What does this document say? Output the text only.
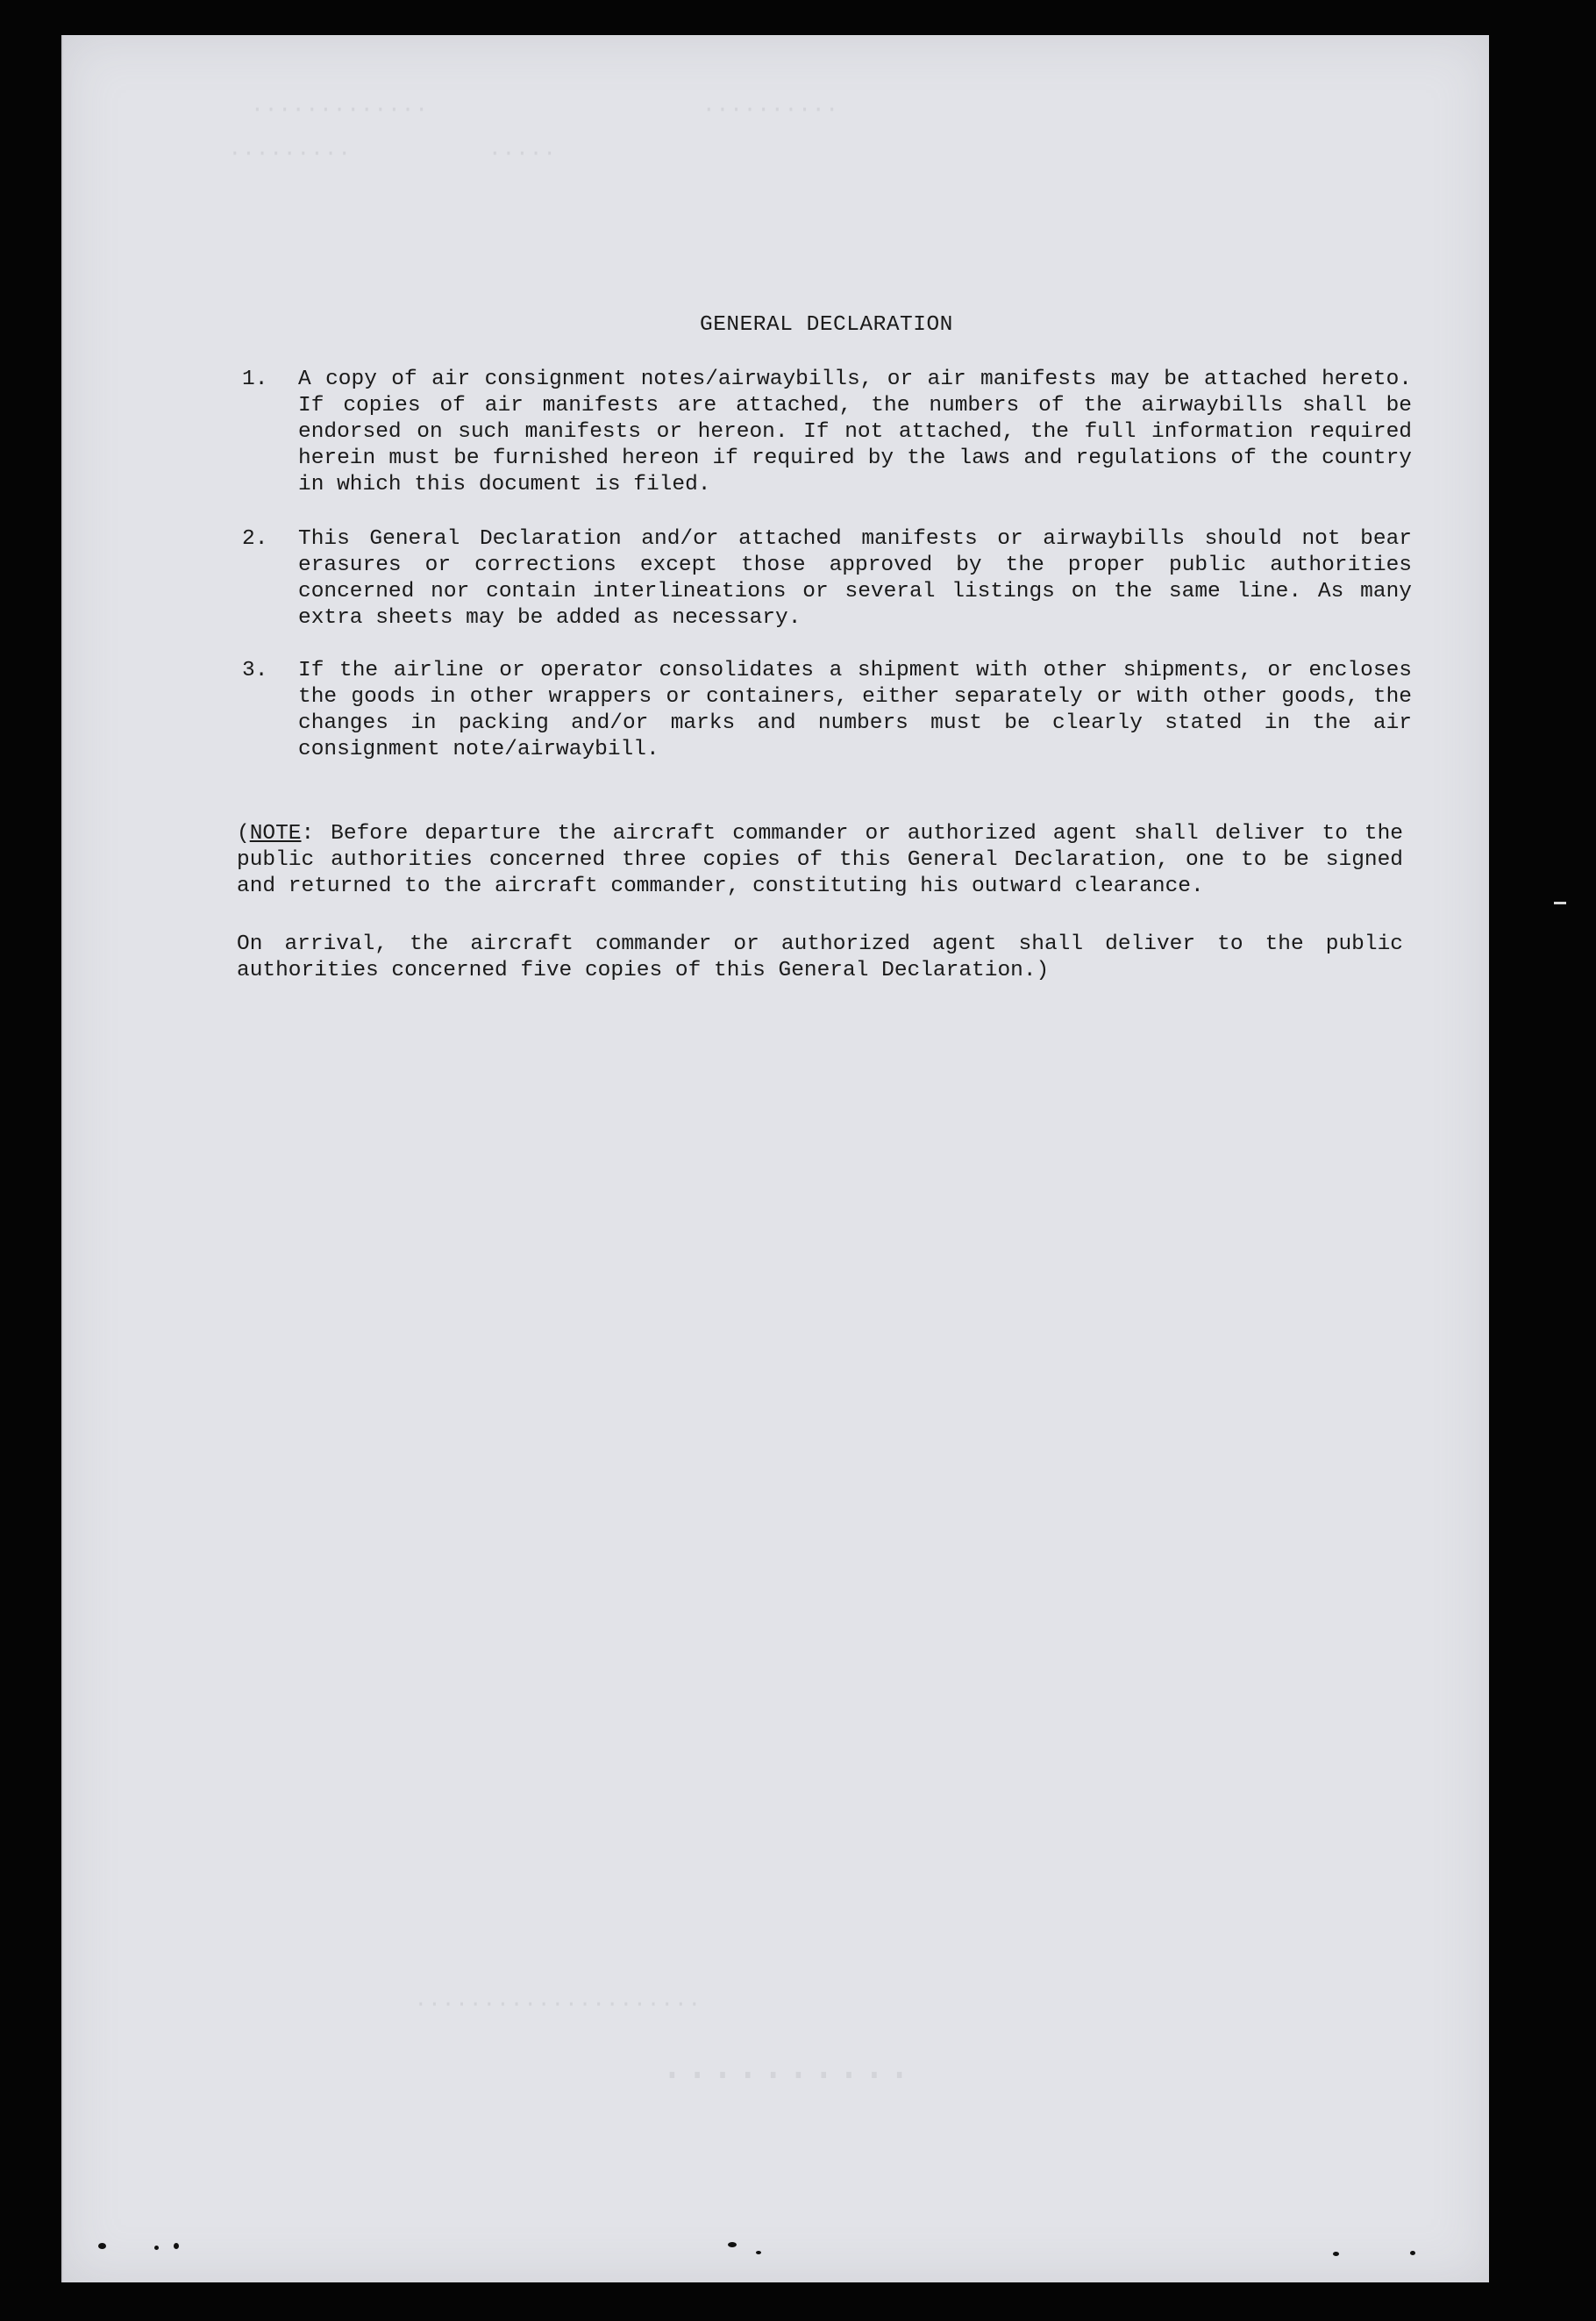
·············                    ··········
·········          ·····
·····················
··········
GENERAL DECLARATION
1. A copy of air consignment notes/airwaybills, or air manifests may be attached hereto. If copies of air manifests are attached, the numbers of the airwaybills shall be endorsed on such manifests or hereon. If not attached, the full information required herein must be furnished hereon if required by the laws and regulations of the country in which this document is filed.
2. This General Declaration and/or attached manifests or airwaybills should not bear erasures or corrections except those approved by the proper public authorities concerned nor contain interlineations or several listings on the same line. As many extra sheets may be added as necessary.
3. If the airline or operator consolidates a shipment with other shipments, or encloses the goods in other wrappers or containers, either separately or with other goods, the changes in packing and/or marks and numbers must be clearly stated in the air consignment note/airwaybill.
(NOTE: Before departure the aircraft commander or authorized agent shall deliver to the public authorities concerned three copies of this General Declaration, one to be signed and returned to the aircraft commander, constituting his outward clearance.
On arrival, the aircraft commander or authorized agent shall deliver to the public authorities concerned five copies of this General Declaration.)
